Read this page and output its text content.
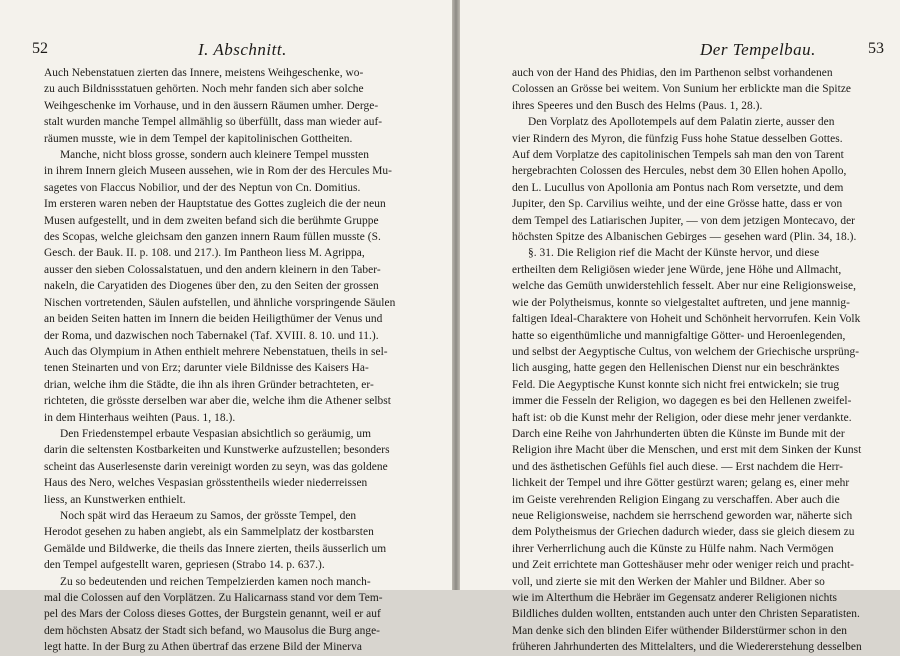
52	I. Abschnitt.
Auch Nebenstatuen zierten das Innere, meistens Weihgeschenke, wo-
zu auch Bildnissstatuen gehörten. Noch mehr fanden sich aber solche
Weihgeschenke im Vorhause, und in den äussern Räumen umher. Derge-
stalt wurden manche Tempel allmählig so überfüllt, dass man wieder auf-
räumen musste, wie in dem Tempel der kapitolinischen Gottheiten.
Manche, nicht bloss grosse, sondern auch kleinere Tempel mussten
in ihrem Innern gleich Museen aussehen, wie in Rom der des Hercules Mu-
sagetes von Flaccus Nobilior, und der des Neptun von Cn. Domitius.
Im ersteren waren neben der Hauptstatue des Gottes zugleich die der neun
Musen aufgestellt, und in dem zweiten befand sich die berühmte Gruppe
des Scopas, welche gleichsam den ganzen innern Raum füllen musste (S.
Gesch. der Bauk. II. p. 108. und 217.). Im Pantheon liess M. Agrippa,
ausser den sieben Colossalstatuen, und den andern kleinern in den Taber-
nakeln, die Caryatiden des Diogenes über den, zu den Seiten der grossen
Nischen vortretenden, Säulen aufstellen, und ähnliche vorspringende Säulen
an beiden Seiten hatten im Innern die beiden Heiligthümer der Venus und
der Roma, und dazwischen noch Tabernakel (Taf. XVIII. 8. 10. und 11.).
Auch das Olympium in Athen enthielt mehrere Nebenstatuen, theils in sel-
tenen Steinarten und von Erz; darunter viele Bildnisse des Kaisers Ha-
drian, welche ihm die Städte, die ihn als ihren Gründer betrachteten, er-
richteten, die grösste derselben war aber die, welche ihm die Athener selbst
in dem Hinterhaus weihten (Paus. 1, 18.).
Den Friedenstempel erbaute Vespasian absichtlich so geräumig, um
darin die seltensten Kostbarkeiten und Kunstwerke aufzustellen; besonders
scheint das Auserlesenste darin vereinigt worden zu seyn, was das goldene
Haus des Nero, welches Vespasian grösstentheils wieder niederreissen
liess, an Kunstwerken enthielt.
Noch spät wird das Heraeum zu Samos, der grösste Tempel, den
Herodot gesehen zu haben angiebt, als ein Sammelplatz der kostbarsten
Gemälde und Bildwerke, die theils das Innere zierten, theils äusserlich um
den Tempel aufgestellt waren, gepriesen (Strabo 14. p. 637.).
Zu so bedeutenden und reichen Tempelzierden kamen noch manch-
mal die Colossen auf den Vorplätzen. Zu Halicarnass stand vor dem Tem-
pel des Mars der Coloss dieses Gottes, der Burgstein genannt, weil er auf
dem höchsten Absatz der Stadt sich befand, wo Mausolus die Burg ange-
legt hatte. In der Burg zu Athen übertraf das erzene Bild der Minerva
Der Tempelbau.	53
auch von der Hand des Phidias, den im Parthenon selbst vorhandenen
Colossen an Grösse bei weitem. Von Sunium her erblickte man die Spitze
ihres Speeres und den Busch des Helms (Paus. 1, 28.).
Den Vorplatz des Apollotempels auf dem Palatin zierte, ausser den
vier Rindern des Myron, die fünfzig Fuss hohe Statue desselben Gottes.
Auf dem Vorplatze des capitolinischen Tempels sah man den von Tarent
hergebrachten Colossen des Hercules, nebst dem 30 Ellen hohen Apollo,
den L. Lucullus von Apollonia am Pontus nach Rom versetzte, und dem
Jupiter, den Sp. Carvilius weihte, und der eine Grösse hatte, dass er von
dem Tempel des Latiarischen Jupiter, — von dem jetzigen Montecavo, der
höchsten Spitze des Albanischen Gebirges — gesehen ward (Plin. 34, 18.).
§. 31. Die Religion rief die Macht der Künste hervor, und diese
ertheilten dem Religiösen wieder jene Würde, jene Höhe und Allmacht,
welche das Gemüth unwiderstehlich fesselt. Aber nur eine Religionsweise,
wie der Polytheismus, konnte so vielgestaltet auftreten, und jene mannig-
faltigen Ideal-Charaktere von Hoheit und Schönheit hervorrufen. Kein Volk
hatte so eigenthümliche und mannigfaltige Götter- und Heroenlegenden,
und selbst der Aegyptische Cultus, von welchem der Griechische ursprüng-
lich ausging, hatte gegen den Hellenischen Dienst nur ein beschränktes
Feld. Die Aegyptische Kunst konnte sich nicht frei entwickeln; sie trug
immer die Fesseln der Religion, wo dagegen es bei den Hellenen zweifel-
haft ist: ob die Kunst mehr der Religion, oder diese mehr jener verdankte.
Darch eine Reihe von Jahrhunderten übten die Künste im Bunde mit der
Religion ihre Macht über die Menschen, und erst mit dem Sinken der Kunst
und des ästhetischen Gefühls fiel auch diese. — Erst nachdem die Herr-
lichkeit der Tempel und ihre Götter gestürzt waren; gelang es, einer mehr
im Geiste verehrenden Religion Eingang zu verschaffen. Aber auch die
neue Religionsweise, nachdem sie herrschend geworden war, näherte sich
dem Polytheismus der Griechen dadurch wieder, dass sie gleich diesem zu
ihrer Verherrlichung auch die Künste zu Hülfe nahm. Nach Vermögen
und Zeit errichtete man Gotteshäuser mehr oder weniger reich und pracht-
voll, und zierte sie mit den Werken der Mahler und Bildner. Aber so
wie im Alterthum die Hebräer im Gegensatz anderer Religionen nichts
Bildliches dulden wollten, entstanden auch unter den Christen Separatisten.
Man denke sich den blinden Eifer wüthender Bilderstürmer schon in den
früheren Jahrhunderten des Mittelalters, und die Wiedererstehung desselben
